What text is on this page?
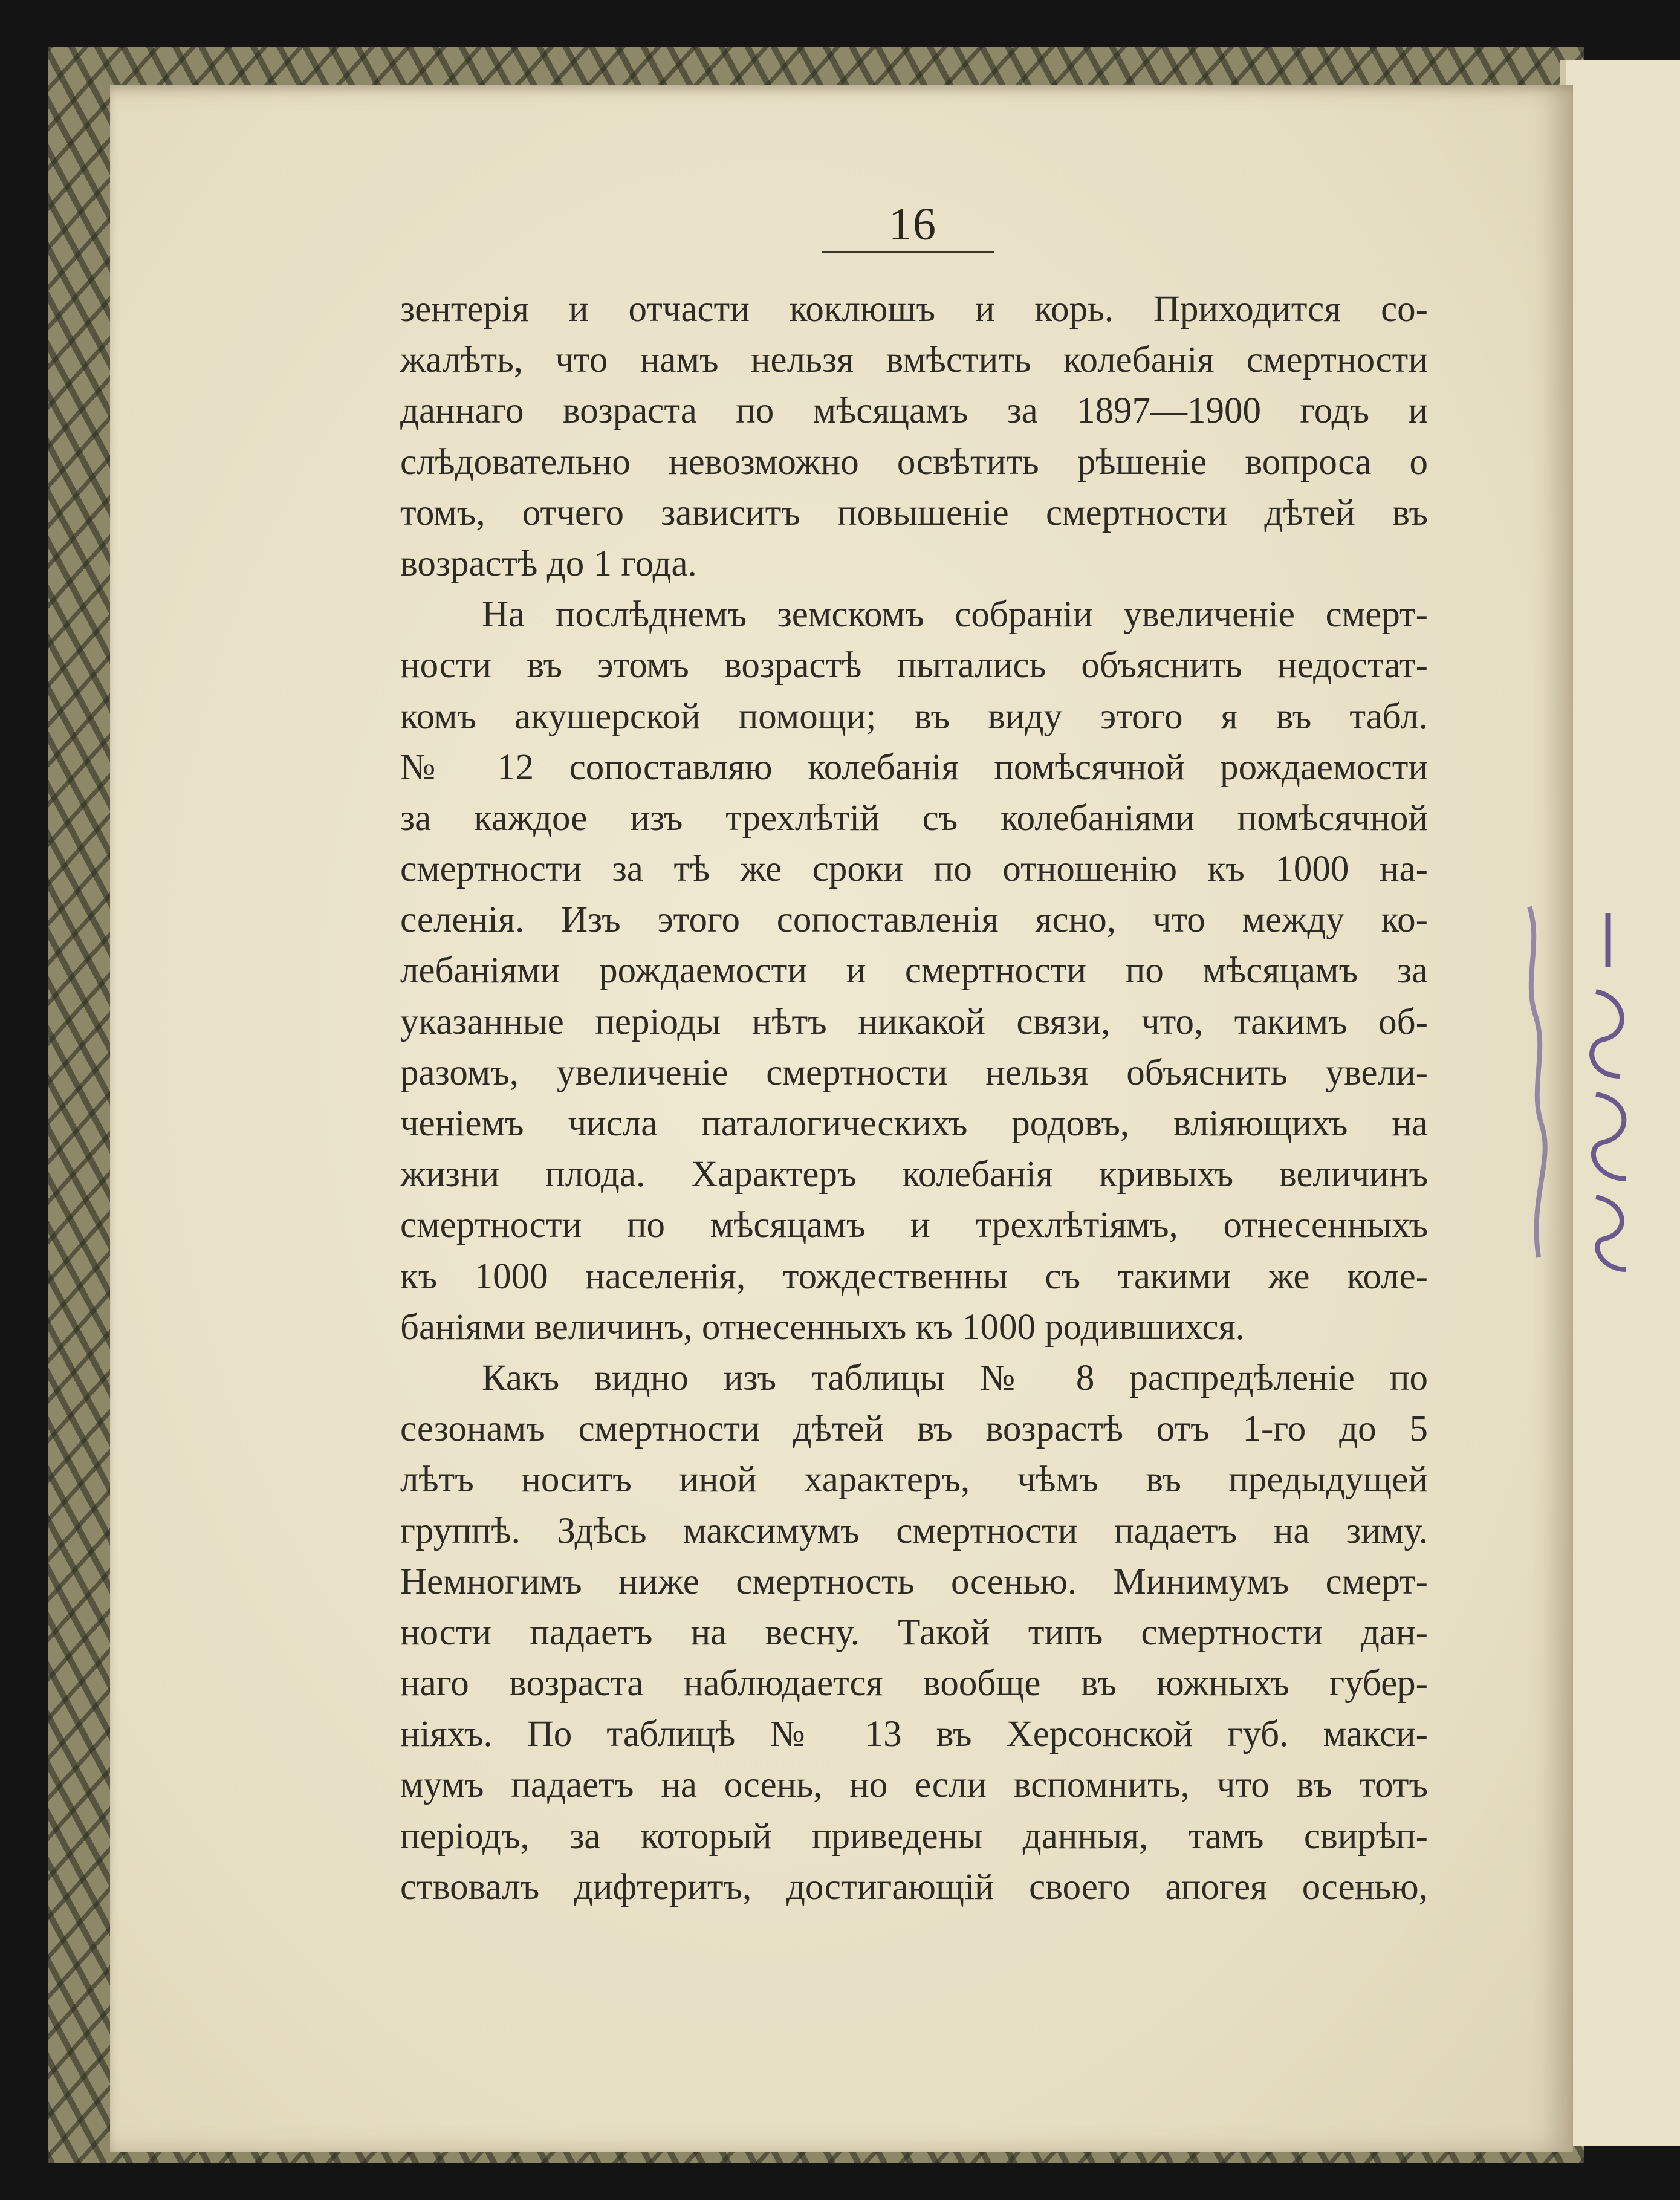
16
зентерія и отчасти коклюшъ и корь. Приходится со-
жалѣть, что намъ нельзя вмѣстить колебанія смертности
даннаго возраста по мѣсяцамъ за 1897—1900 годъ и
слѣдовательно невозможно освѣтить рѣшеніе вопроса о
томъ, отчего зависитъ повышеніе смертности дѣтей въ
возрастѣ до 1 года.
На послѣднемъ земскомъ собраніи увеличеніе смерт-
ности въ этомъ возрастѣ пытались объяснить недостат-
комъ акушерской помощи; въ виду этого я въ табл.
№ 12 сопоставляю колебанія помѣсячной рождаемости
за каждое изъ трехлѣтій съ колебаніями помѣсячной
смертности за тѣ же сроки по отношенію къ 1000 на-
селенія. Изъ этого сопоставленія ясно, что между ко-
лебаніями рождаемости и смертности по мѣсяцамъ за
указанные періоды нѣтъ никакой связи, что, такимъ об-
разомъ, увеличеніе смертности нельзя объяснить увели-
ченіемъ числа паталогическихъ родовъ, вліяющихъ на
жизни плода. Характеръ колебанія кривыхъ величинъ
смертности по мѣсяцамъ и трехлѣтіямъ, отнесенныхъ
къ 1000 населенія, тождественны съ такими же коле-
баніями величинъ, отнесенныхъ къ 1000 родившихся.
Какъ видно изъ таблицы № 8 распредѣленіе по
сезонамъ смертности дѣтей въ возрастѣ отъ 1-го до 5
лѣтъ носитъ иной характеръ, чѣмъ въ предыдущей
группѣ. Здѣсь максимумъ смертности падаетъ на зиму.
Немногимъ ниже смертность осенью. Минимумъ смерт-
ности падаетъ на весну. Такой типъ смертности дан-
наго возраста наблюдается вообще въ южныхъ губер-
ніяхъ. По таблицѣ № 13 въ Херсонской губ. макси-
мумъ падаетъ на осень, но если вспомнить, что въ тотъ
періодъ, за который приведены данныя, тамъ свирѣп-
ствовалъ дифтеритъ, достигающій своего апогея осенью,
